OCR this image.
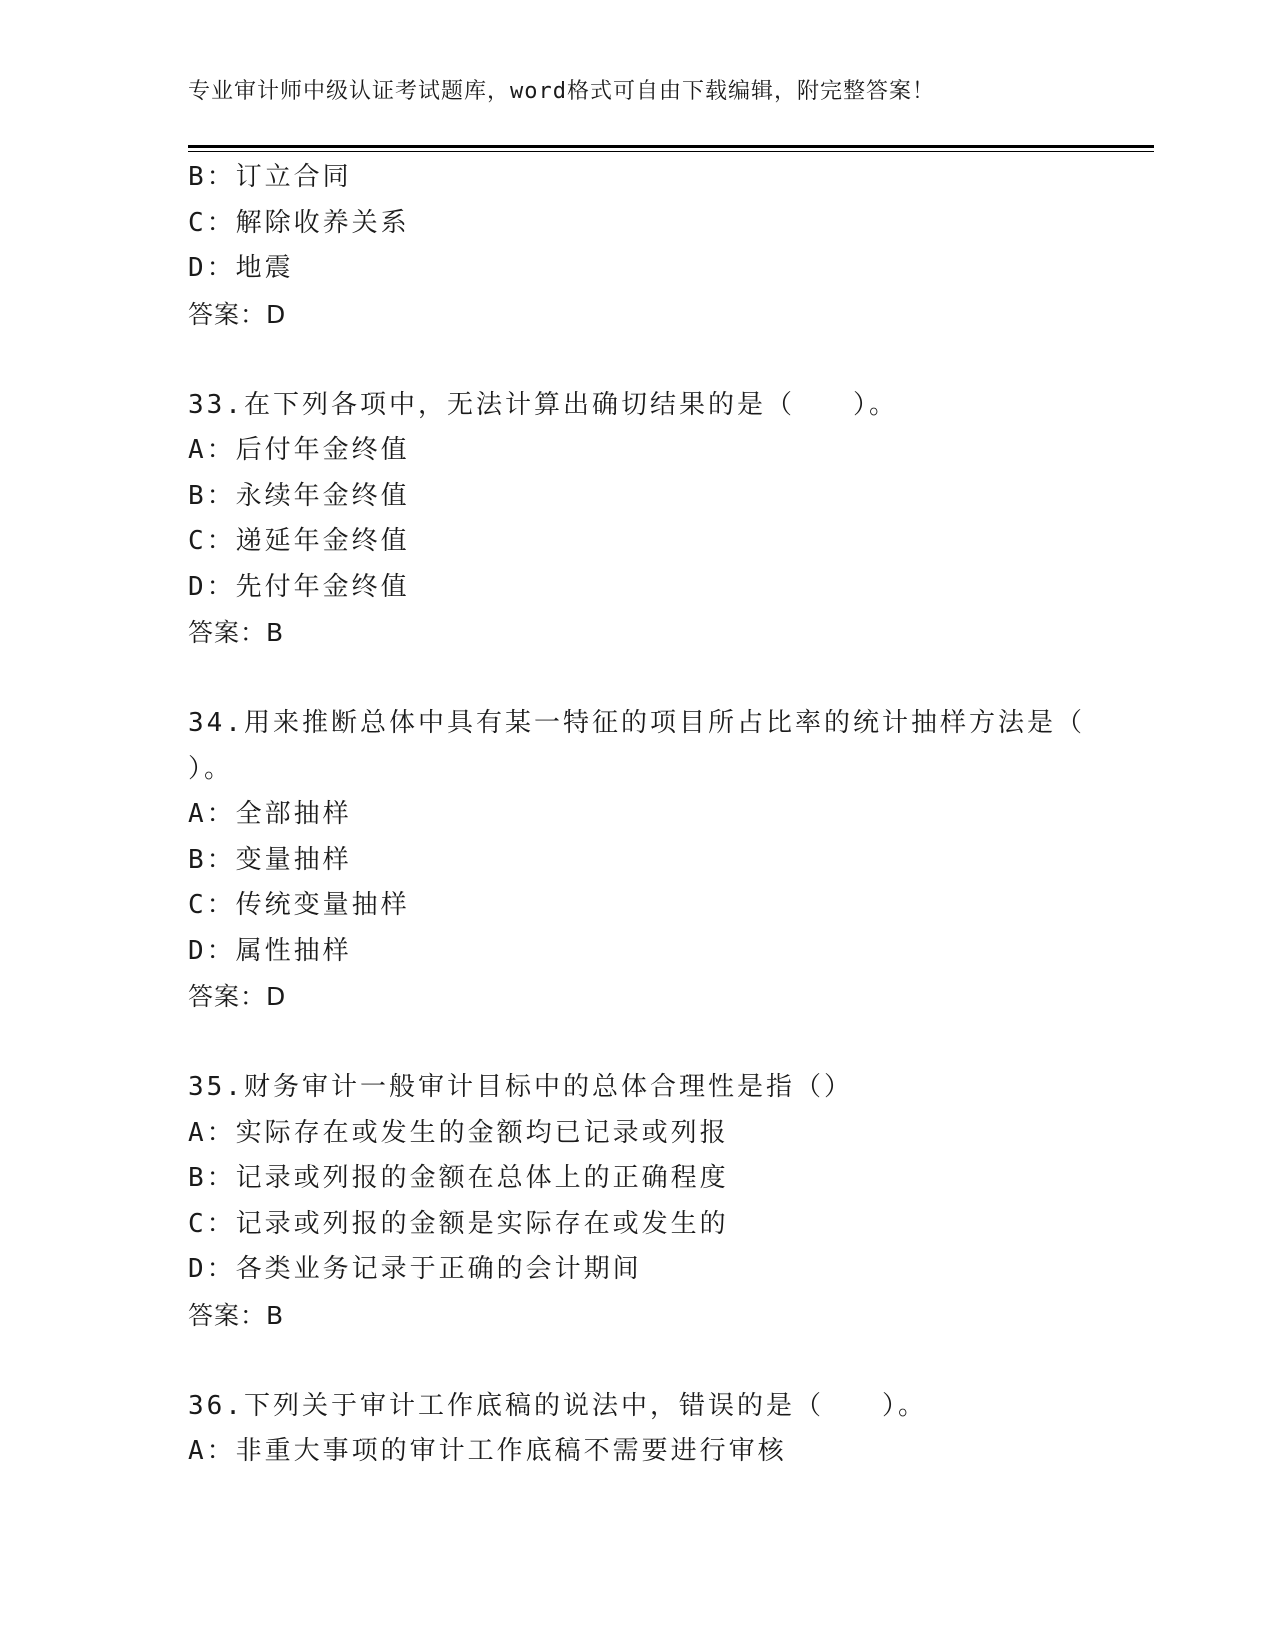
专业审计师中级认证考试题库，word格式可自由下载编辑，附完整答案！
B：订立合同
C：解除收养关系
D：地震
答案：D
33.在下列各项中，无法计算出确切结果的是（　　）。
A：后付年金终值
B：永续年金终值
C：递延年金终值
D：先付年金终值
答案：B
34.用来推断总体中具有某一特征的项目所占比率的统计抽样方法是（
）。
A：全部抽样
B：变量抽样
C：传统变量抽样
D：属性抽样
答案：D
35.财务审计一般审计目标中的总体合理性是指（）
A：实际存在或发生的金额均已记录或列报
B：记录或列报的金额在总体上的正确程度
C：记录或列报的金额是实际存在或发生的
D：各类业务记录于正确的会计期间
答案：B
36.下列关于审计工作底稿的说法中，错误的是（　　）。
A：非重大事项的审计工作底稿不需要进行审核
